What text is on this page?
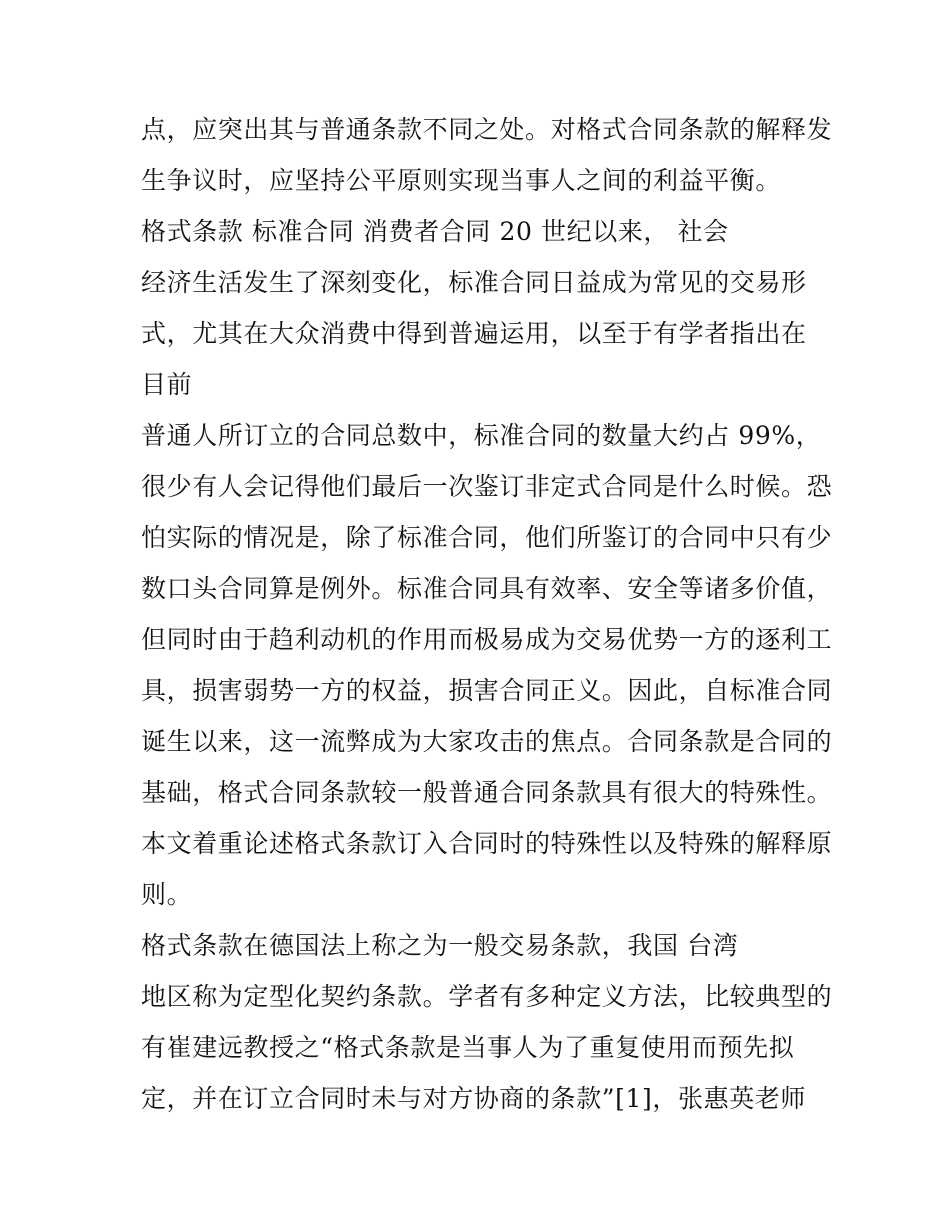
点，应突出其与普通条款不同之处。对格式合同条款的解释发
生争议时，应坚持公平原则实现当事人之间的利益平衡。
格式条款 标准合同 消费者合同 20 世纪以来， 社会
经济生活发生了深刻变化，标准合同日益成为常见的交易形
式，尤其在大众消费中得到普遍运用，以至于有学者指出在
目前
普通人所订立的合同总数中，标准合同的数量大约占 99%，
很少有人会记得他们最后一次鉴订非定式合同是什么时候。恐
怕实际的情况是，除了标准合同，他们所鉴订的合同中只有少
数口头合同算是例外。标准合同具有效率、安全等诸多价值，
但同时由于趋利动机的作用而极易成为交易优势一方的逐利工
具，损害弱势一方的权益，损害合同正义。因此，自标准合同
诞生以来，这一流弊成为大家攻击的焦点。合同条款是合同的
基础，格式合同条款较一般普通合同条款具有很大的特殊性。
本文着重论述格式条款订入合同时的特殊性以及特殊的解释原
则。
格式条款在德国法上称之为一般交易条款，我国 台湾
地区称为定型化契约条款。学者有多种定义方法，比较典型的
有崔建远教授之“格式条款是当事人为了重复使用而预先拟
定，并在订立合同时未与对方协商的条款”[1]，张惠英老师
